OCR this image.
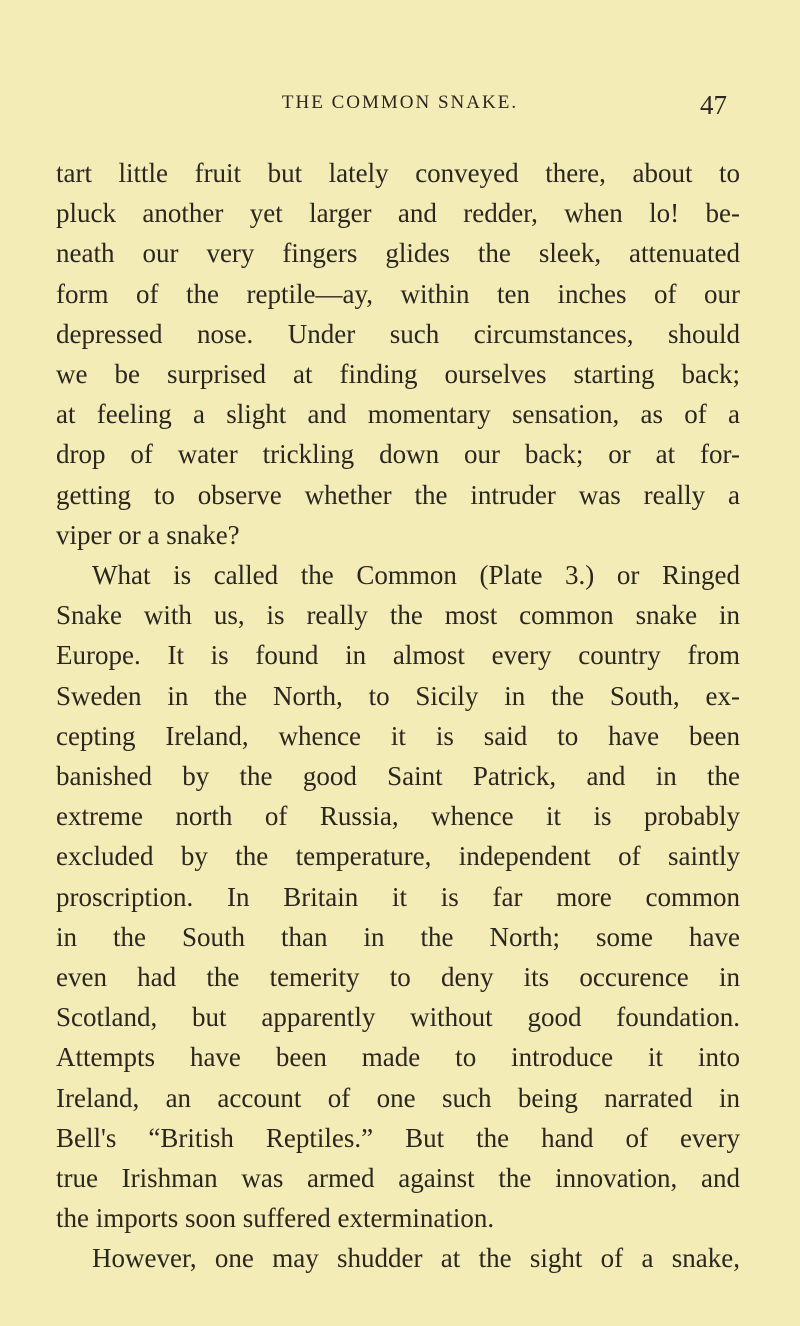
THE COMMON SNAKE.	47
tart little fruit but lately conveyed there, about to
pluck another yet larger and redder, when lo! be-
neath our very fingers glides the sleek, attenuated
form of the reptile—ay, within ten inches of our
depressed nose. Under such circumstances, should
we be surprised at finding ourselves starting back;
at feeling a slight and momentary sensation, as of a
drop of water trickling down our back; or at for-
getting to observe whether the intruder was really a
viper or a snake?
What is called the Common (Plate 3.) or Ringed
Snake with us, is really the most common snake in
Europe. It is found in almost every country from
Sweden in the North, to Sicily in the South, ex-
cepting Ireland, whence it is said to have been
banished by the good Saint Patrick, and in the
extreme north of Russia, whence it is probably
excluded by the temperature, independent of saintly
proscription. In Britain it is far more common
in the South than in the North; some have
even had the temerity to deny its occurence in
Scotland, but apparently without good foundation.
Attempts have been made to introduce it into
Ireland, an account of one such being narrated in
Bell's “British Reptiles.” But the hand of every
true Irishman was armed against the innovation, and
the imports soon suffered extermination.
However, one may shudder at the sight of a snake,
